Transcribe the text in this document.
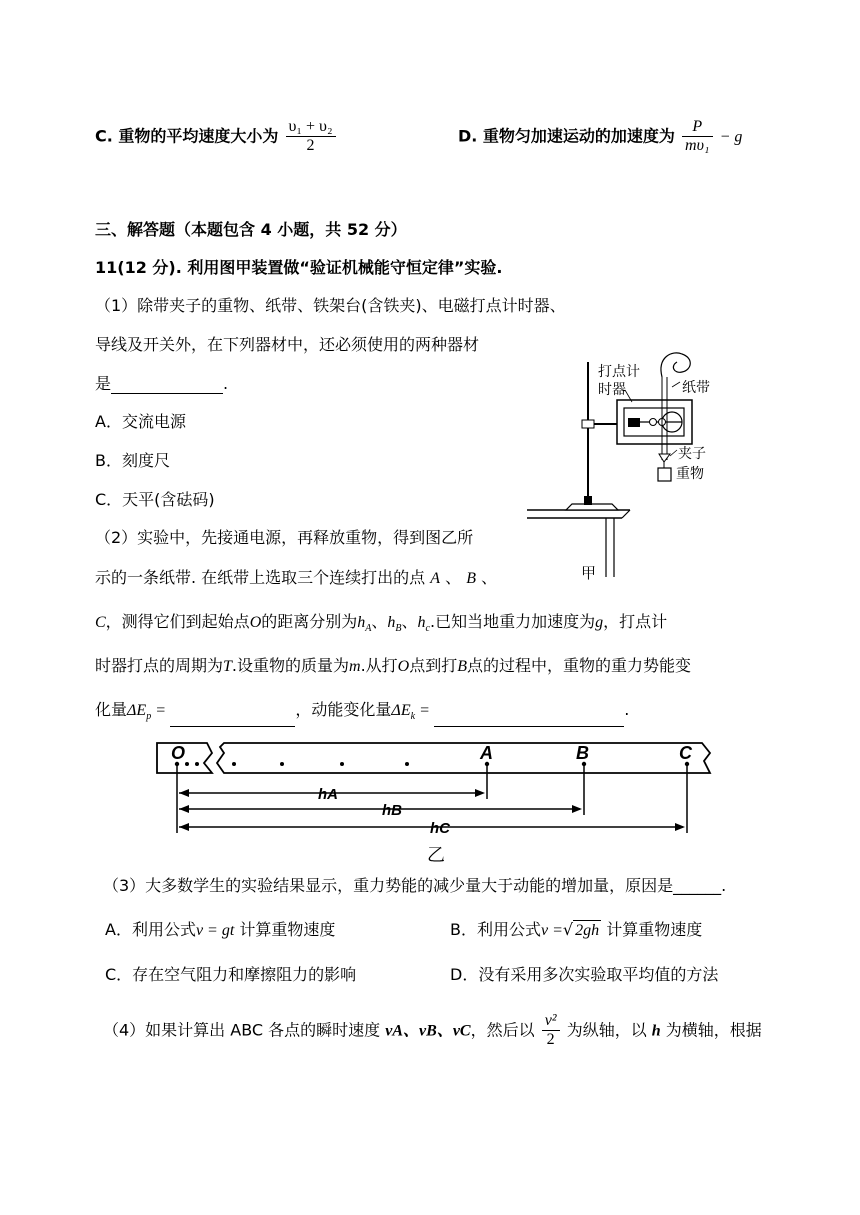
C. 重物的平均速度大小为 $\frac{\text{υ₁ + υ₂}}{2}$	D. 重物匀加速运动的加速度为 $\frac{P}{\text{mυ₁}} - g$
三、解答题（本题包含 4 小题，共 52 分）
11(12 分). 利用图甲装置做“验证机械能守恒定律”实验.
（1）除带夹子的重物、纸带、铁架台(含铁夹)、电磁打点计时器、
导线及开关外，在下列器材中，还必须使用的两种器材
是	.
A．交流电源
B．刻度尺
C．天平(含砝码)
（2）实验中，先接通电源，再释放重物，得到图乙所
示的一条纸带. 在纸带上选取三个连续打出的点 A 、 B 、
C，测得它们到起始点O的距离分别为$h_A$、$h_B$、$h_c$.已知当地重力加速度为g，打点计
时器打点的周期为T.设重物的质量为m.从打O点到打B点的过程中，重物的重力势能变
化量$\Delta E_p$ =	，动能变化量$\Delta E_k$ =	.
打点计
时器	纸带
夹子
重物
甲
O	A	B	C
hA
hB
hC
乙
（3）大多数学生的实验结果显示，重力势能的减少量大于动能的增加量，原因是______.
A．利用公式v = gt 计算重物速度	B．利用公式v =√ 2gh 计算重物速度
C．存在空气阻力和摩擦阻力的影响	D．没有采用多次实验取平均值的方法
（4）如果计算出 ABC 各点的瞬时速度 vA、vB、vC，然后以 $\frac{\text{v²}}{2}$ 为纵轴，以 h 为横轴，根据
